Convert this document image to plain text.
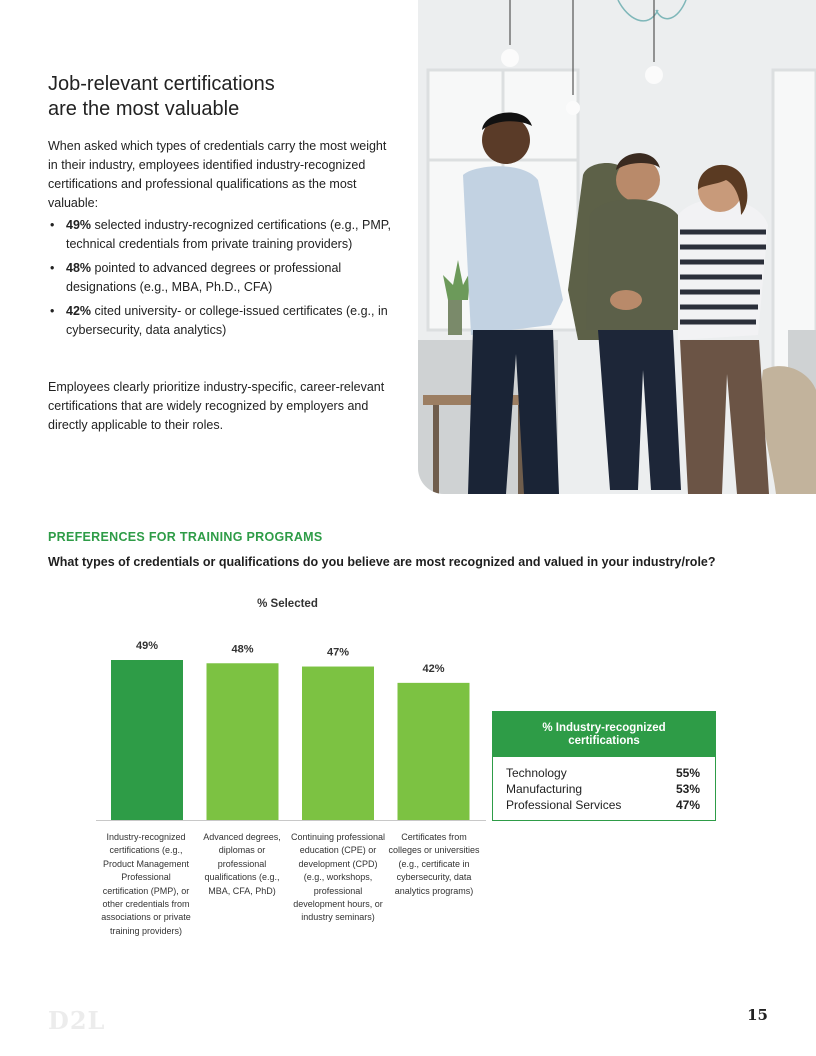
Job-relevant certifications
are the most valuable

When asked which types of credentials carry the most weight in their industry, employees identified industry-recognized certifications and professional qualifications as the most valuable:

• 49% selected industry-recognized certifications (e.g., PMP, technical credentials from private training providers)
• 48% pointed to advanced degrees or professional designations (e.g., MBA, Ph.D., CFA)
• 42% cited university- or college-issued certificates (e.g., in cybersecurity, data analytics)

Employees clearly prioritize industry-specific, career-relevant certifications that are widely recognized by employers and directly applicable to their roles.

PREFERENCES FOR TRAINING PROGRAMS
What types of credentials or qualifications do you believe are most recognized and valued in your industry/role?
% Selected
49%	48%	47%
42%
Industry-recognized certifications (e.g., Product Management Professional certification (PMP), or other credentials from associations or private training providers)
Advanced degrees, diplomas or professional qualifications (e.g., MBA, CFA, PhD)
Continuing professional education (CPE) or development (CPD) (e.g., workshops, professional development hours, or industry seminars)
Certificates from colleges or universities (e.g., certificate in cybersecurity, data analytics programs)
% Industry-recognized certifications
Technology	55%
Manufacturing	53%
Professional Services	47%
D2L	15
